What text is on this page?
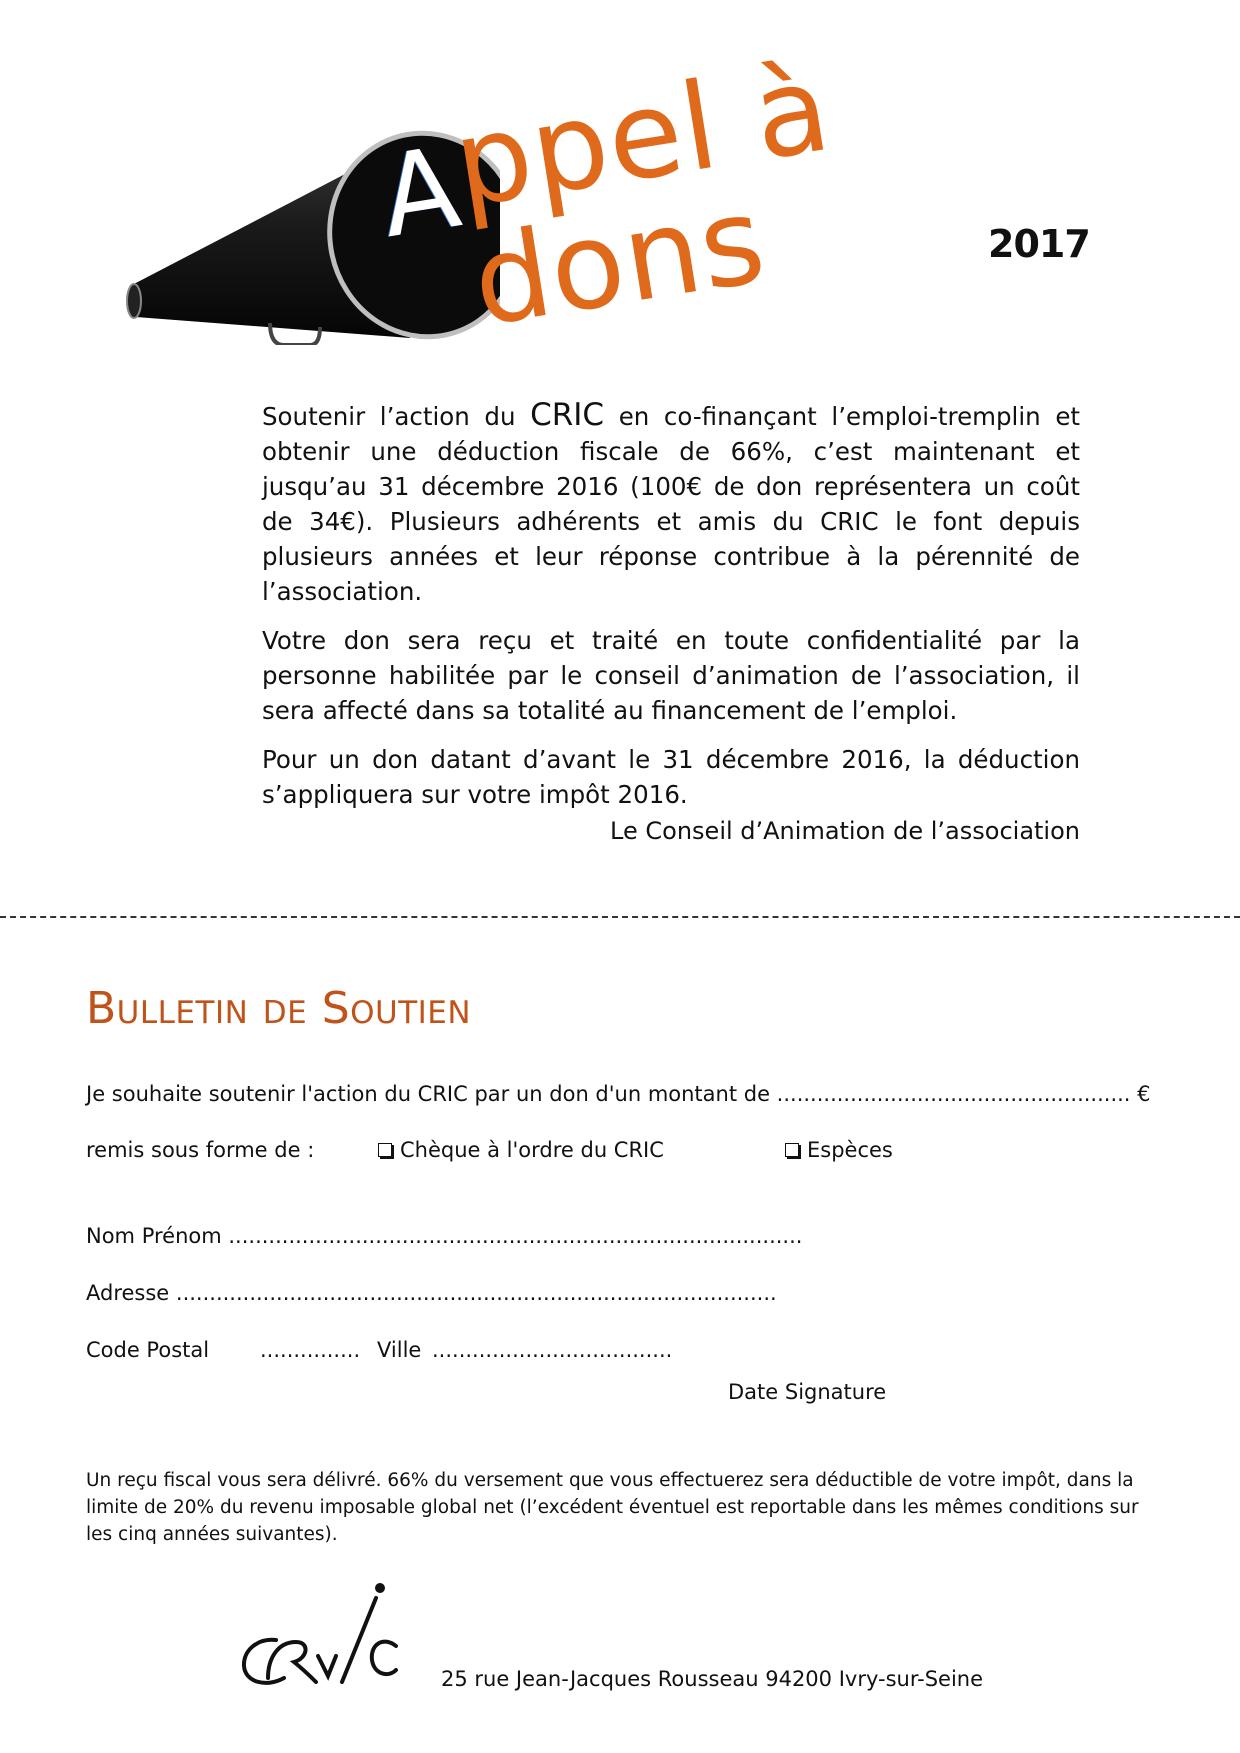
A
ppel à dons	2017

Soutenir l’action du CRIC en co-finançant l’emploi-tremplin et obtenir une déduction fiscale de 66%, c’est maintenant et jusqu’au 31 décembre 2016 (100€ de don représentera un coût de 34€). Plusieurs adhérents et amis du CRIC le font depuis plusieurs années et leur réponse contribue à la pérennité de l’association.

Votre don sera reçu et traité en toute confidentialité par la personne habilitée par le conseil d’animation de l’association, il sera affecté dans sa totalité au financement de l’emploi.

Pour un don datant d’avant le 31 décembre 2016, la déduction s’appliquera sur votre impôt 2016.

Le Conseil d’Animation de l’association
Bulletin de Soutien
Je souhaite soutenir l'action du CRIC par un don d'un montant de ..................................................... €
remis sous forme de :	Chèque à l'ordre du CRIC	Espèces
Nom Prénom ......................................................................................
Adresse ..........................................................................................
Code Postal ............... Ville ....................................
Date Signature
Un reçu fiscal vous sera délivré. 66% du versement que vous effectuerez sera déductible de votre impôt, dans la limite de 20% du revenu imposable global net (l’excédent éventuel est reportable dans les mêmes conditions sur les cinq années suivantes).
25 rue Jean-Jacques Rousseau 94200 Ivry-sur-Seine
